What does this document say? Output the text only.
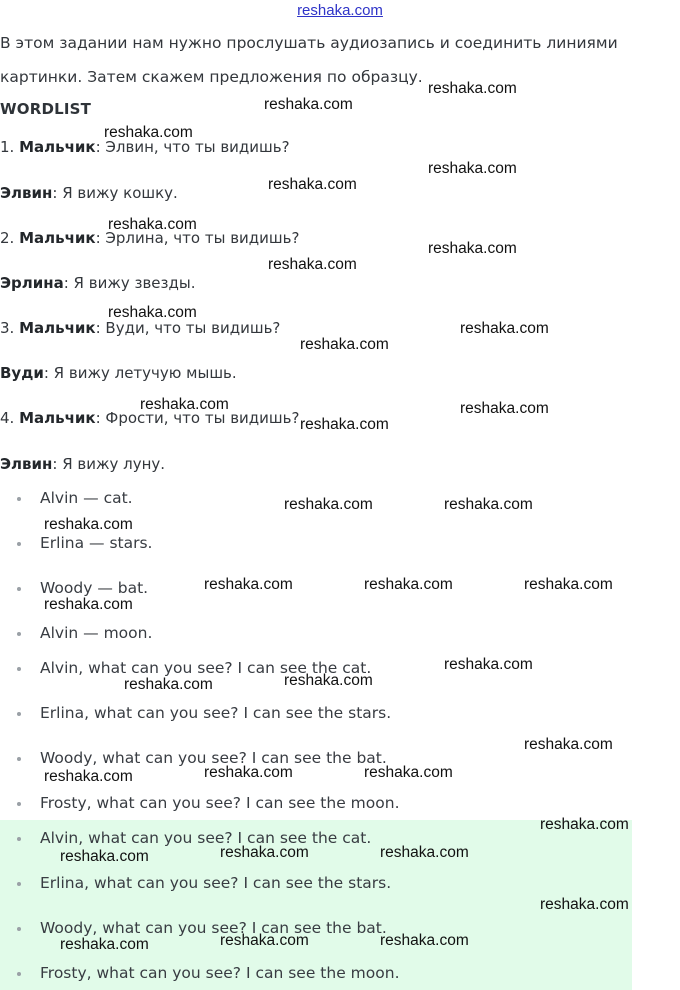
reshaka.com
В этом задании нам нужно прослушать аудиозапись и соединить линиями картинки. Затем скажем предложения по образцу.
WORDLIST
1. Мальчик: Элвин, что ты видишь?
Элвин: Я вижу кошку.
2. Мальчик: Эрлина, что ты видишь?
Эрлина: Я вижу звезды.
3. Мальчик: Вуди, что ты видишь?
Вуди: Я вижу летучую мышь.
4. Мальчик: Фрости, что ты видишь?
Элвин: Я вижу луну.
Alvin — cat.
Erlina — stars.
Woody — bat.
Alvin — moon.
Alvin, what can you see? I can see the cat.
Erlina, what can you see? I can see the stars.
Woody, what can you see? I can see the bat.
Frosty, what can you see? I can see the moon.
Alvin, what can you see? I can see the cat.
Erlina, what can you see? I can see the stars.
Woody, what can you see? I can see the bat.
Frosty, what can you see? I can see the moon.
reshaka.com
reshaka.com
reshaka.com
reshaka.com
reshaka.com
reshaka.com
reshaka.com
reshaka.com
reshaka.com
reshaka.com
reshaka.com
reshaka.com	reshaka.com
reshaka.com
reshaka.com	reshaka.com
reshaka.com
reshaka.com	reshaka.com	reshaka.com
reshaka.com
reshaka.com
reshaka.com
reshaka.com
reshaka.com
reshaka.com	reshaka.com
reshaka.com
reshaka.com
reshaka.com	reshaka.com
reshaka.com
reshaka.com
reshaka.com	reshaka.com
reshaka.com
